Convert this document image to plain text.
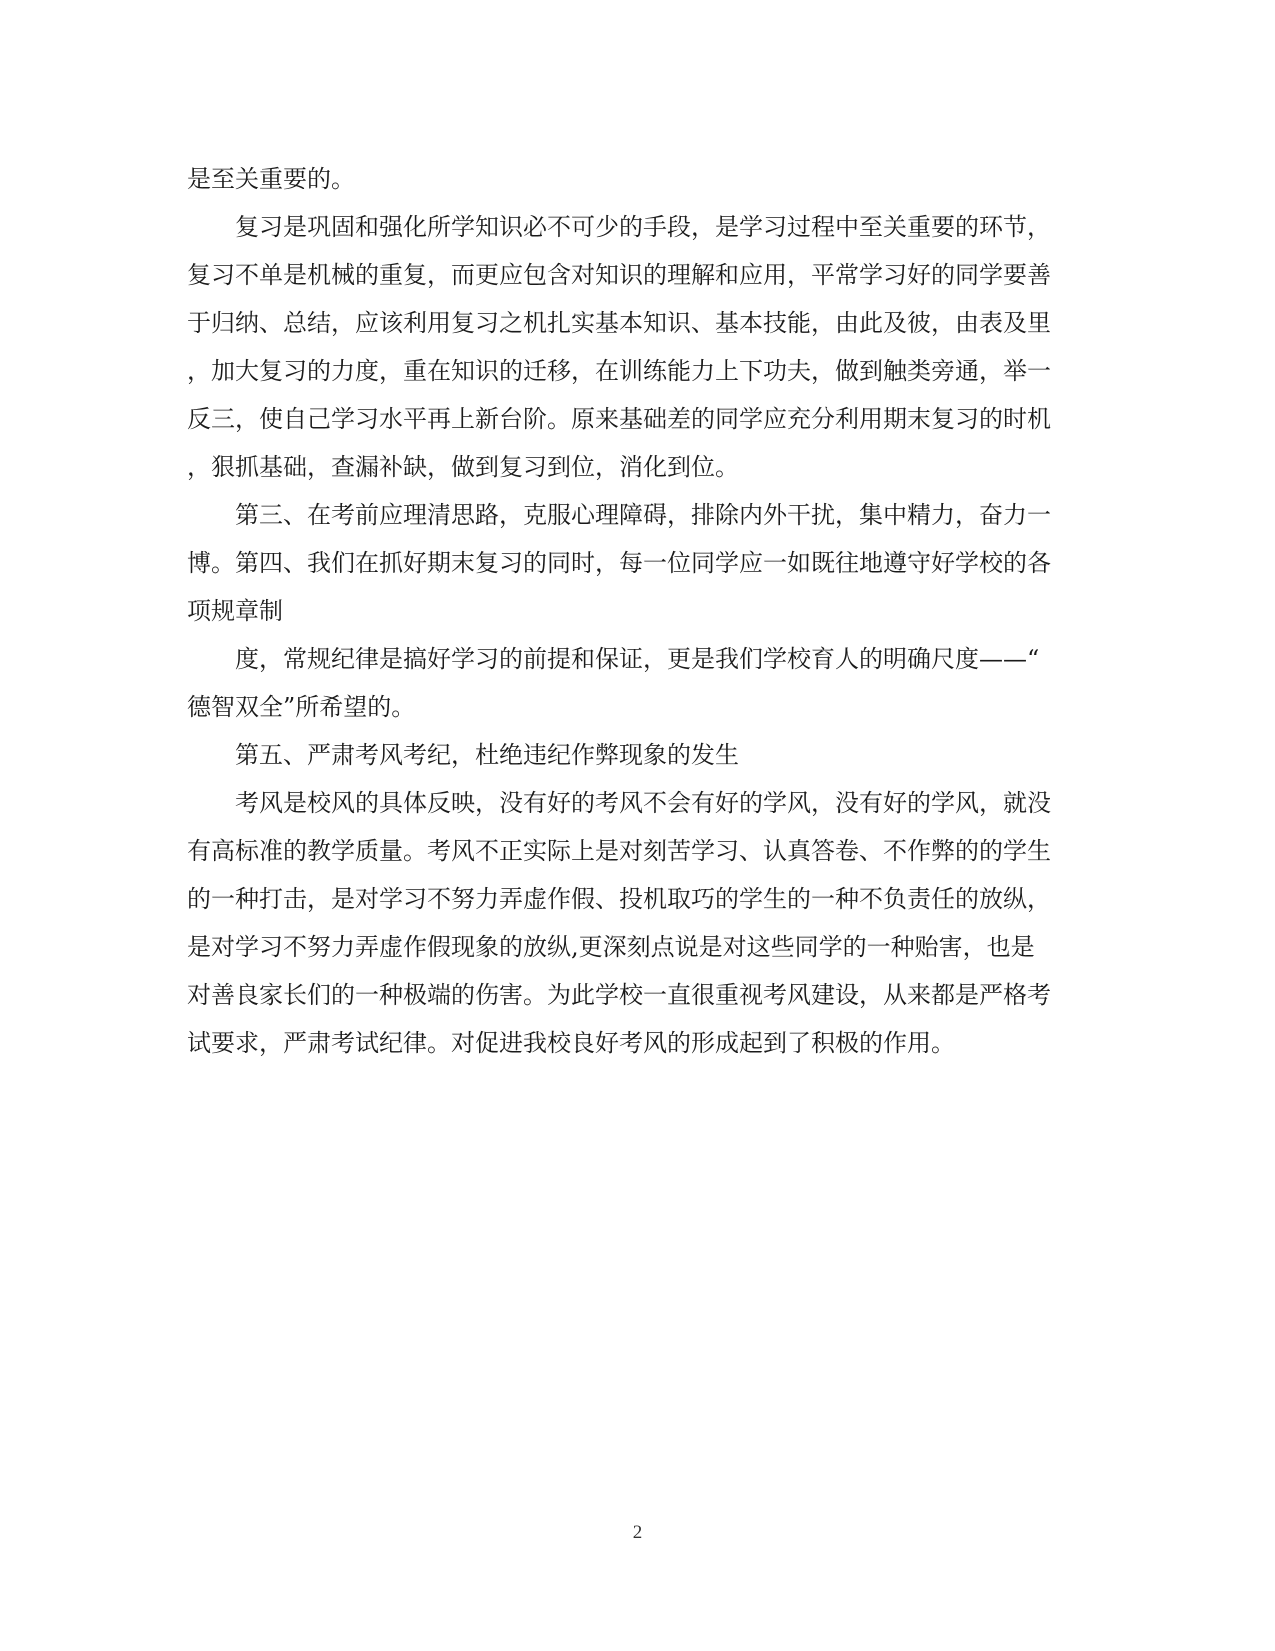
是至关重要的。
复习是巩固和强化所学知识必不可少的手段，是学习过程中至关重要的环节，
复习不单是机械的重复，而更应包含对知识的理解和应用，平常学习好的同学要善
于归纳、总结，应该利用复习之机扎实基本知识、基本技能，由此及彼，由表及里
，加大复习的力度，重在知识的迁移，在训练能力上下功夫，做到触类旁通，举一
反三，使自己学习水平再上新台阶。原来基础差的同学应充分利用期末复习的时机
，狠抓基础，查漏补缺，做到复习到位，消化到位。
第三、在考前应理清思路，克服心理障碍，排除内外干扰，集中精力，奋力一
博。第四、我们在抓好期末复习的同时，每一位同学应一如既往地遵守好学校的各
项规章制
度，常规纪律是搞好学习的前提和保证，更是我们学校育人的明确尺度——“
德智双全”所希望的。
第五、严肃考风考纪，杜绝违纪作弊现象的发生
考风是校风的具体反映，没有好的考风不会有好的学风，没有好的学风，就没
有高标准的教学质量。考风不正实际上是对刻苦学习、认真答卷、不作弊的的学生
的一种打击，是对学习不努力弄虚作假、投机取巧的学生的一种不负责任的放纵，
是对学习不努力弄虚作假现象的放纵,更深刻点说是对这些同学的一种贻害，也是
对善良家长们的一种极端的伤害。为此学校一直很重视考风建设，从来都是严格考
试要求，严肃考试纪律。对促进我校良好考风的形成起到了积极的作用。
2
